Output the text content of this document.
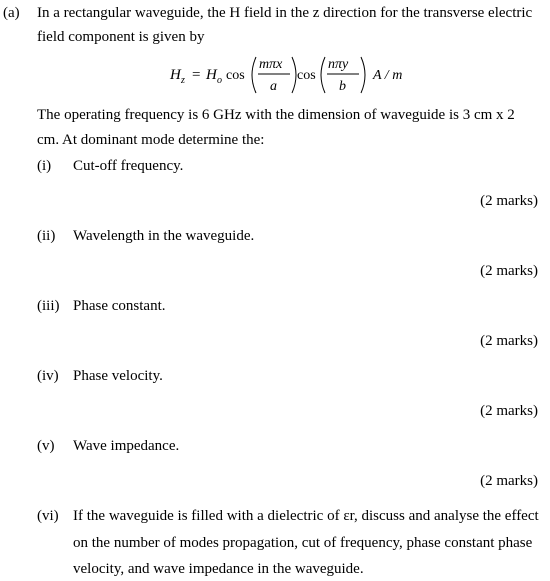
(a) In a rectangular waveguide, the H field in the z direction for the transverse electric
field component is given by
H z = H o cos
mπx
a
cos
nπy
b
A / m
The operating frequency is 6 GHz with the dimension of waveguide is 3 cm x 2
cm. At dominant mode determine the:
(i) Cut-off frequency.
(2 marks)
(ii) Wavelength in the waveguide.
(2 marks)
(iii) Phase constant.
(2 marks)
(iv) Phase velocity.
(2 marks)
(v) Wave impedance.
(2 marks)
(vi) If the waveguide is filled with a dielectric of εr, discuss and analyse the effect
on the number of modes propagation, cut of frequency, phase constant phase
velocity, and wave impedance in the waveguide.
